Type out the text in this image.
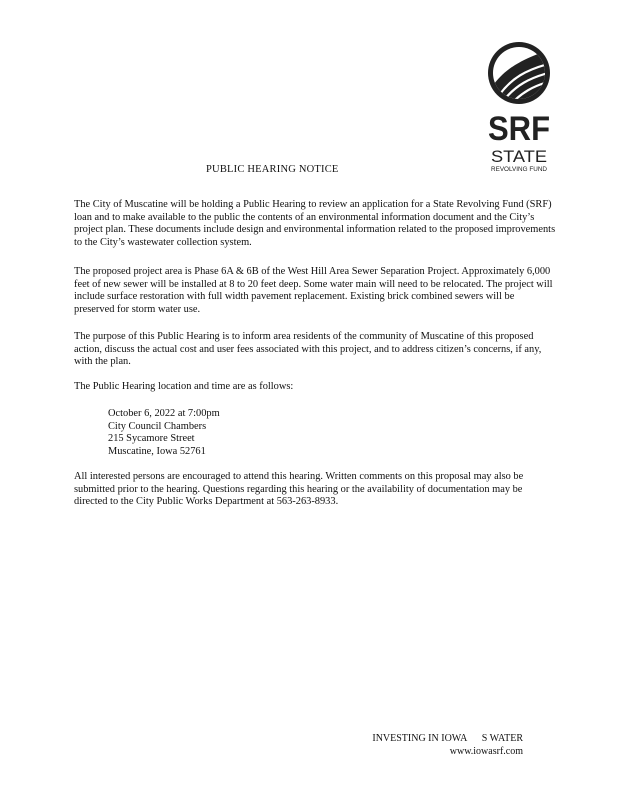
SRF
STATE
REVOLVING FUND
PUBLIC HEARING NOTICE
The City of Muscatine will be holding a Public Hearing to review an application for a State Revolving Fund (SRF) loan and to make available to the public the contents of an environmental information document and the City’s project plan. These documents include design and environmental information related to the proposed improvements to the City’s wastewater collection system.
The proposed project area is Phase 6A & 6B of the West Hill Area Sewer Separation Project. Approximately 6,000 feet of new sewer will be installed at 8 to 20 feet deep. Some water main will need to be relocated. The project will include surface restoration with full width pavement replacement. Existing brick combined sewers will be preserved for storm water use.
The purpose of this Public Hearing is to inform area residents of the community of Muscatine of this proposed action, discuss the actual cost and user fees associated with this project, and to address citizen’s concerns, if any, with the plan.
The Public Hearing location and time are as follows:
October 6, 2022 at 7:00pm
City Council Chambers
215 Sycamore Street
Muscatine, Iowa 52761
All interested persons are encouraged to attend this hearing. Written comments on this proposal may also be submitted prior to the hearing. Questions regarding this hearing or the availability of documentation may be directed to the City Public Works Department at 563-263-8933.
INVESTING IN IOWA      S WATER
www.iowasrf.com
